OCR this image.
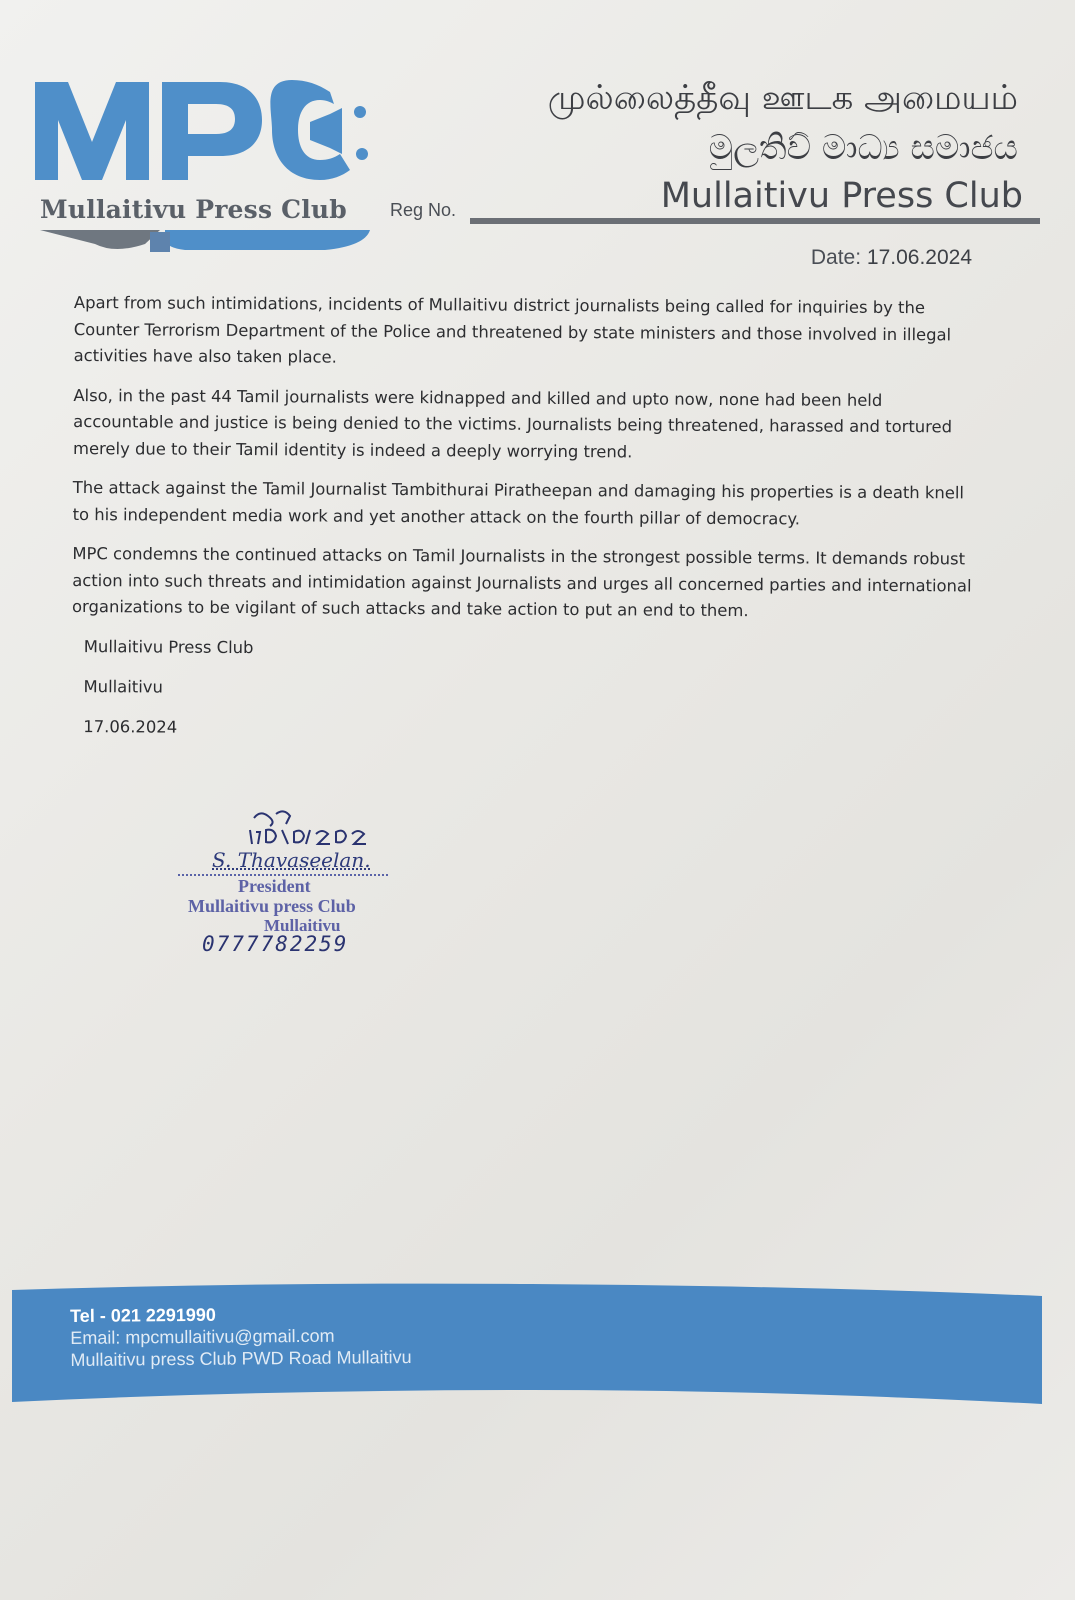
Mullaitivu Press Club Reg No.
முல்லைத்தீவு ஊடக அமையம்
මුලතිව් මාධ්‍ය සමාජය
Mullaitivu Press Club
Date: 17.06.2024

Apart from such intimidations, incidents of Mullaitivu district journalists being called for inquiries by the Counter Terrorism Department of the Police and threatened by state ministers and those involved in illegal activities have also taken place.

Also, in the past 44 Tamil journalists were kidnapped and killed and upto now, none had been held accountable and justice is being denied to the victims. Journalists being threatened, harassed and tortured merely due to their Tamil identity is indeed a deeply worrying trend.

The attack against the Tamil Journalist Tambithurai Piratheepan and damaging his properties is a death knell to his independent media work and yet another attack on the fourth pillar of democracy.

MPC condemns the continued attacks on Tamil Journalists in the strongest possible terms. It demands robust action into such threats and intimidation against Journalists and urges all concerned parties and international organizations to be vigilant of such attacks and take action to put an end to them.

Mullaitivu Press Club
Mullaitivu
17.06.2024
S. Thavaseelan.
President
Mullaitivu press Club
Mullaitivu
0777782259
Tel - 021 2291990
Email: mpcmullaitivu@gmail.com
Mullaitivu press Club PWD Road Mullaitivu
